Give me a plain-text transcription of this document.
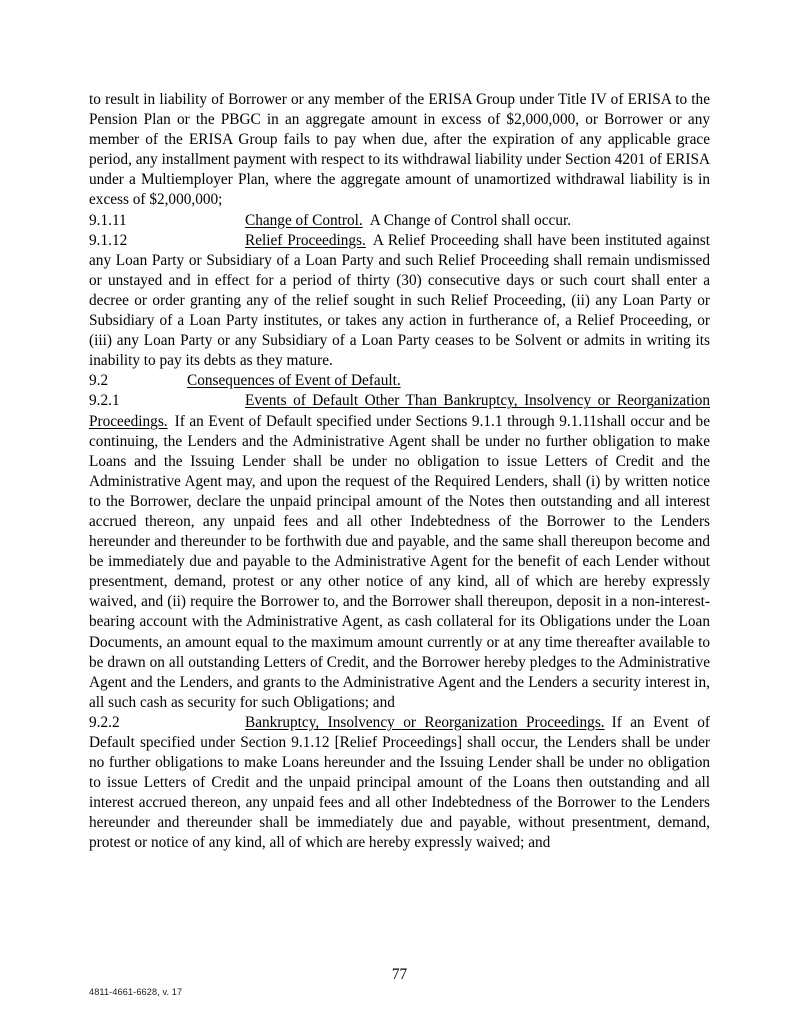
to result in liability of Borrower or any member of the ERISA Group under Title IV of ERISA to the Pension Plan or the PBGC in an aggregate amount in excess of $2,000,000, or Borrower or any member of the ERISA Group fails to pay when due, after the expiration of any applicable grace period, any installment payment with respect to its withdrawal liability under Section 4201 of ERISA under a Multiemployer Plan, where the aggregate amount of unamortized withdrawal liability is in excess of $2,000,000;

9.1.11	Change of Control. A Change of Control shall occur.

9.1.12	Relief Proceedings. A Relief Proceeding shall have been instituted against any Loan Party or Subsidiary of a Loan Party and such Relief Proceeding shall remain undismissed or unstayed and in effect for a period of thirty (30) consecutive days or such court shall enter a decree or order granting any of the relief sought in such Relief Proceeding, (ii) any Loan Party or Subsidiary of a Loan Party institutes, or takes any action in furtherance of, a Relief Proceeding, or (iii) any Loan Party or any Subsidiary of a Loan Party ceases to be Solvent or admits in writing its inability to pay its debts as they mature.

9.2	Consequences of Event of Default.

9.2.1	Events of Default Other Than Bankruptcy, Insolvency or Reorganization Proceedings. If an Event of Default specified under Sections 9.1.1 through 9.1.11shall occur and be continuing, the Lenders and the Administrative Agent shall be under no further obligation to make Loans and the Issuing Lender shall be under no obligation to issue Letters of Credit and the Administrative Agent may, and upon the request of the Required Lenders, shall (i) by written notice to the Borrower, declare the unpaid principal amount of the Notes then outstanding and all interest accrued thereon, any unpaid fees and all other Indebtedness of the Borrower to the Lenders hereunder and thereunder to be forthwith due and payable, and the same shall thereupon become and be immediately due and payable to the Administrative Agent for the benefit of each Lender without presentment, demand, protest or any other notice of any kind, all of which are hereby expressly waived, and (ii) require the Borrower to, and the Borrower shall thereupon, deposit in a non-interest-bearing account with the Administrative Agent, as cash collateral for its Obligations under the Loan Documents, an amount equal to the maximum amount currently or at any time thereafter available to be drawn on all outstanding Letters of Credit, and the Borrower hereby pledges to the Administrative Agent and the Lenders, and grants to the Administrative Agent and the Lenders a security interest in, all such cash as security for such Obligations; and

9.2.2	Bankruptcy, Insolvency or Reorganization Proceedings. If an Event of Default specified under Section 9.1.12 [Relief Proceedings] shall occur, the Lenders shall be under no further obligations to make Loans hereunder and the Issuing Lender shall be under no obligation to issue Letters of Credit and the unpaid principal amount of the Loans then outstanding and all interest accrued thereon, any unpaid fees and all other Indebtedness of the Borrower to the Lenders hereunder and thereunder shall be immediately due and payable, without presentment, demand, protest or notice of any kind, all of which are hereby expressly waived; and

77
4811-4661-6628, v. 17
